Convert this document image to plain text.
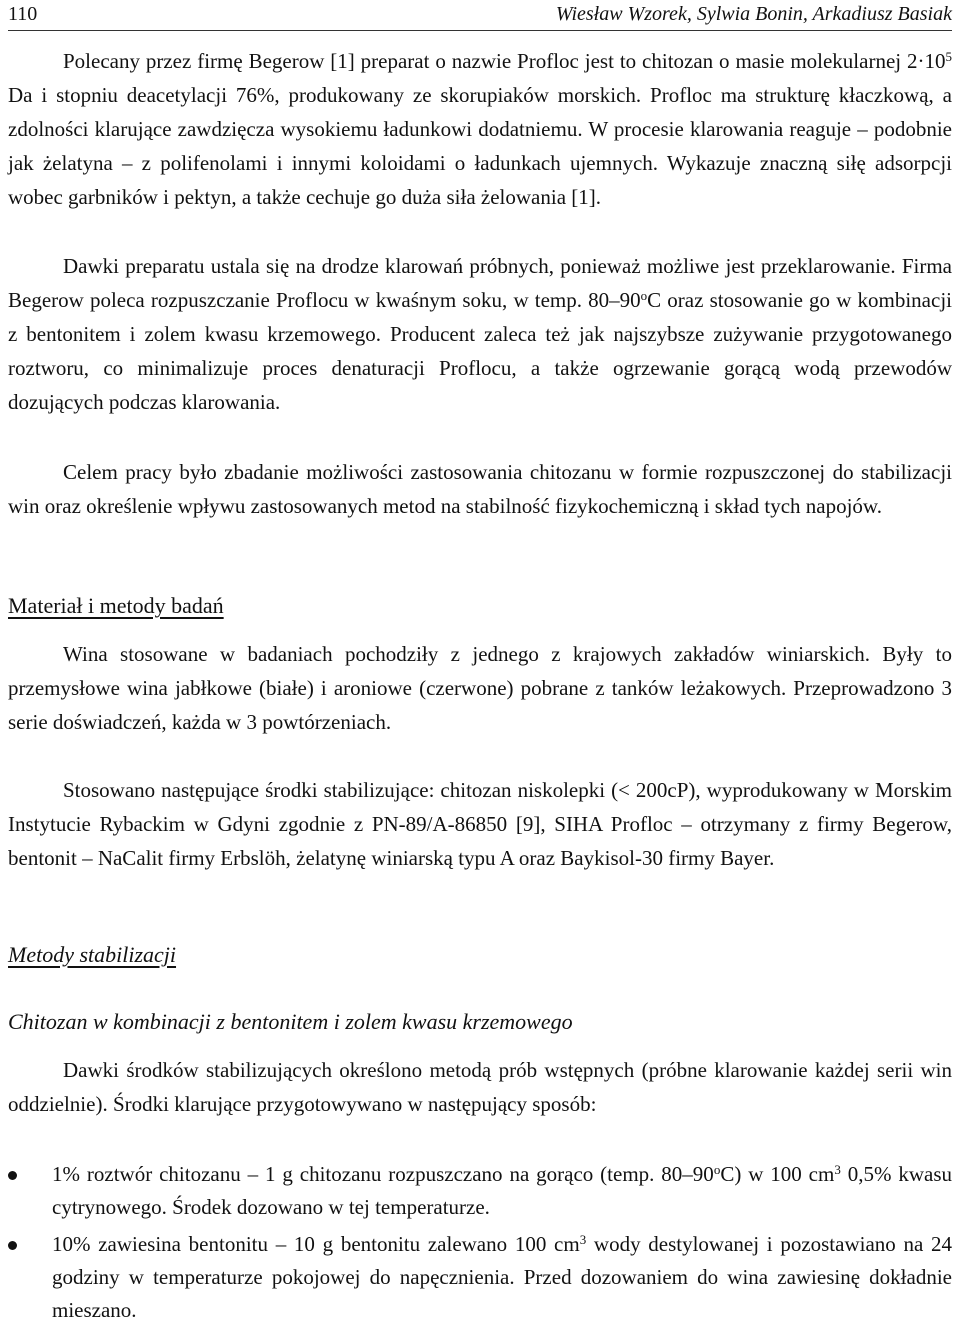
110	Wiesław Wzorek, Sylwia Bonin, Arkadiusz Basiak

Polecany przez firmę Begerow [1] preparat o nazwie Profloc jest to chitozan o masie molekularnej $2\cdot 10^5$ Da i stopniu deacetylacji 76%, produkowany ze skorupiaków morskich. Profloc ma strukturę kłaczkową, a zdolności klarujące zawdzięcza wysokiemu ładunkowi dodatniemu. W procesie klarowania reaguje – podobnie jak żelatyna – z polifenolami i innymi koloidami o ładunkach ujemnych. Wykazuje znaczną siłę adsorpcji wobec garbników i pektyn, a także cechuje go duża siła żelowania [1].

Dawki preparatu ustala się na drodze klarowań próbnych, ponieważ możliwe jest przeklarowanie. Firma Begerow poleca rozpuszczanie Proflocu w kwaśnym soku, w temp. 80–90$^o$C oraz stosowanie go w kombinacji z bentonitem i zolem kwasu krzemowego. Producent zaleca też jak najszybsze zużywanie przygotowanego roztworu, co minimalizuje proces denaturacji Proflocu, a także ogrzewanie gorącą wodą przewodów dozujących podczas klarowania.

Celem pracy było zbadanie możliwości zastosowania chitozanu w formie rozpuszczonej do stabilizacji win oraz określenie wpływu zastosowanych metod na stabilność fizykochemiczną i skład tych napojów.

Materiał i metody badań

Wina stosowane w badaniach pochodziły z jednego z krajowych zakładów winiarskich. Były to przemysłowe wina jabłkowe (białe) i aroniowe (czerwone) pobrane z tanków leżakowych. Przeprowadzono 3 serie doświadczeń, każda w 3 powtórzeniach.

Stosowano następujące środki stabilizujące: chitozan niskolepki (< 200cP), wyprodukowany w Morskim Instytucie Rybackim w Gdyni zgodnie z PN-89/A-86850 [9], SIHA Profloc – otrzymany z firmy Begerow, bentonit – NaCalit firmy Erbslöh, żelatynę winiarską typu A oraz Baykisol-30 firmy Bayer.

Metody stabilizacji
Chitozan w kombinacji z bentonitem i zolem kwasu krzemowego

Dawki środków stabilizujących określono metodą prób wstępnych (próbne klarowanie każdej serii win oddzielnie). Środki klarujące przygotowywano w następujący sposób:

1% roztwór chitozanu – 1 g chitozanu rozpuszczano na gorąco (temp. 80–90$^o$C) w 100 $cm^3$ 0,5% kwasu cytrynowego. Środek dozowano w tej temperaturze.
10% zawiesina bentonitu – 10 g bentonitu zalewano 100 $cm^3$ wody destylowanej i pozostawiano na 24 godziny w temperaturze pokojowej do napęcznienia. Przed dozowaniem do wina zawiesinę dokładnie mieszano.
